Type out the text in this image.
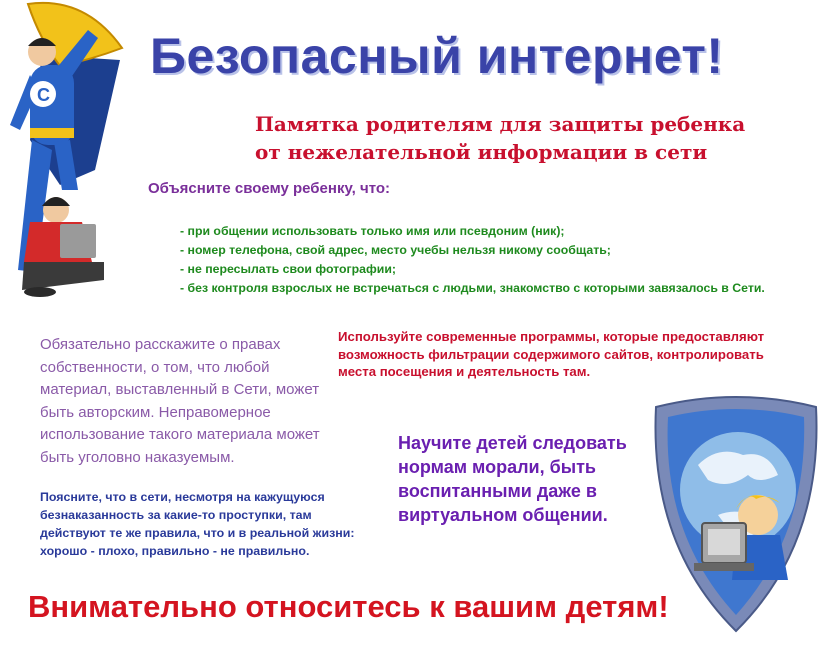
С
Безопасный интернет!
Памятка родителям для защиты ребенка
от нежелательной информации в сети
Объясните своему ребенку, что:
- при общении использовать только имя или псевдоним (ник);
- номер телефона, свой адрес, место учебы нельзя никому сообщать;
- не пересылать свои фотографии;
- без контроля взрослых не встречаться с людьми, знакомство с которыми завязалось в Сети.
Обязательно расскажите о правах
собственности, о том, что любой
материал, выставленный в Сети, может
быть авторским. Неправомерное
использование такого материала может
быть уголовно наказуемым.
Используйте современные программы, которые предоставляют
возможность фильтрации содержимого сайтов, контролировать
места посещения и деятельность там.
Научите детей следовать
нормам морали, быть
воспитанными даже в
виртуальном общении.
Поясните, что в сети, несмотря на кажущуюся
безнаказанность за какие-то проступки, там
действуют те же правила, что и в реальной жизни:
хорошо - плохо, правильно - не правильно.
Внимательно относитесь к вашим детям!
